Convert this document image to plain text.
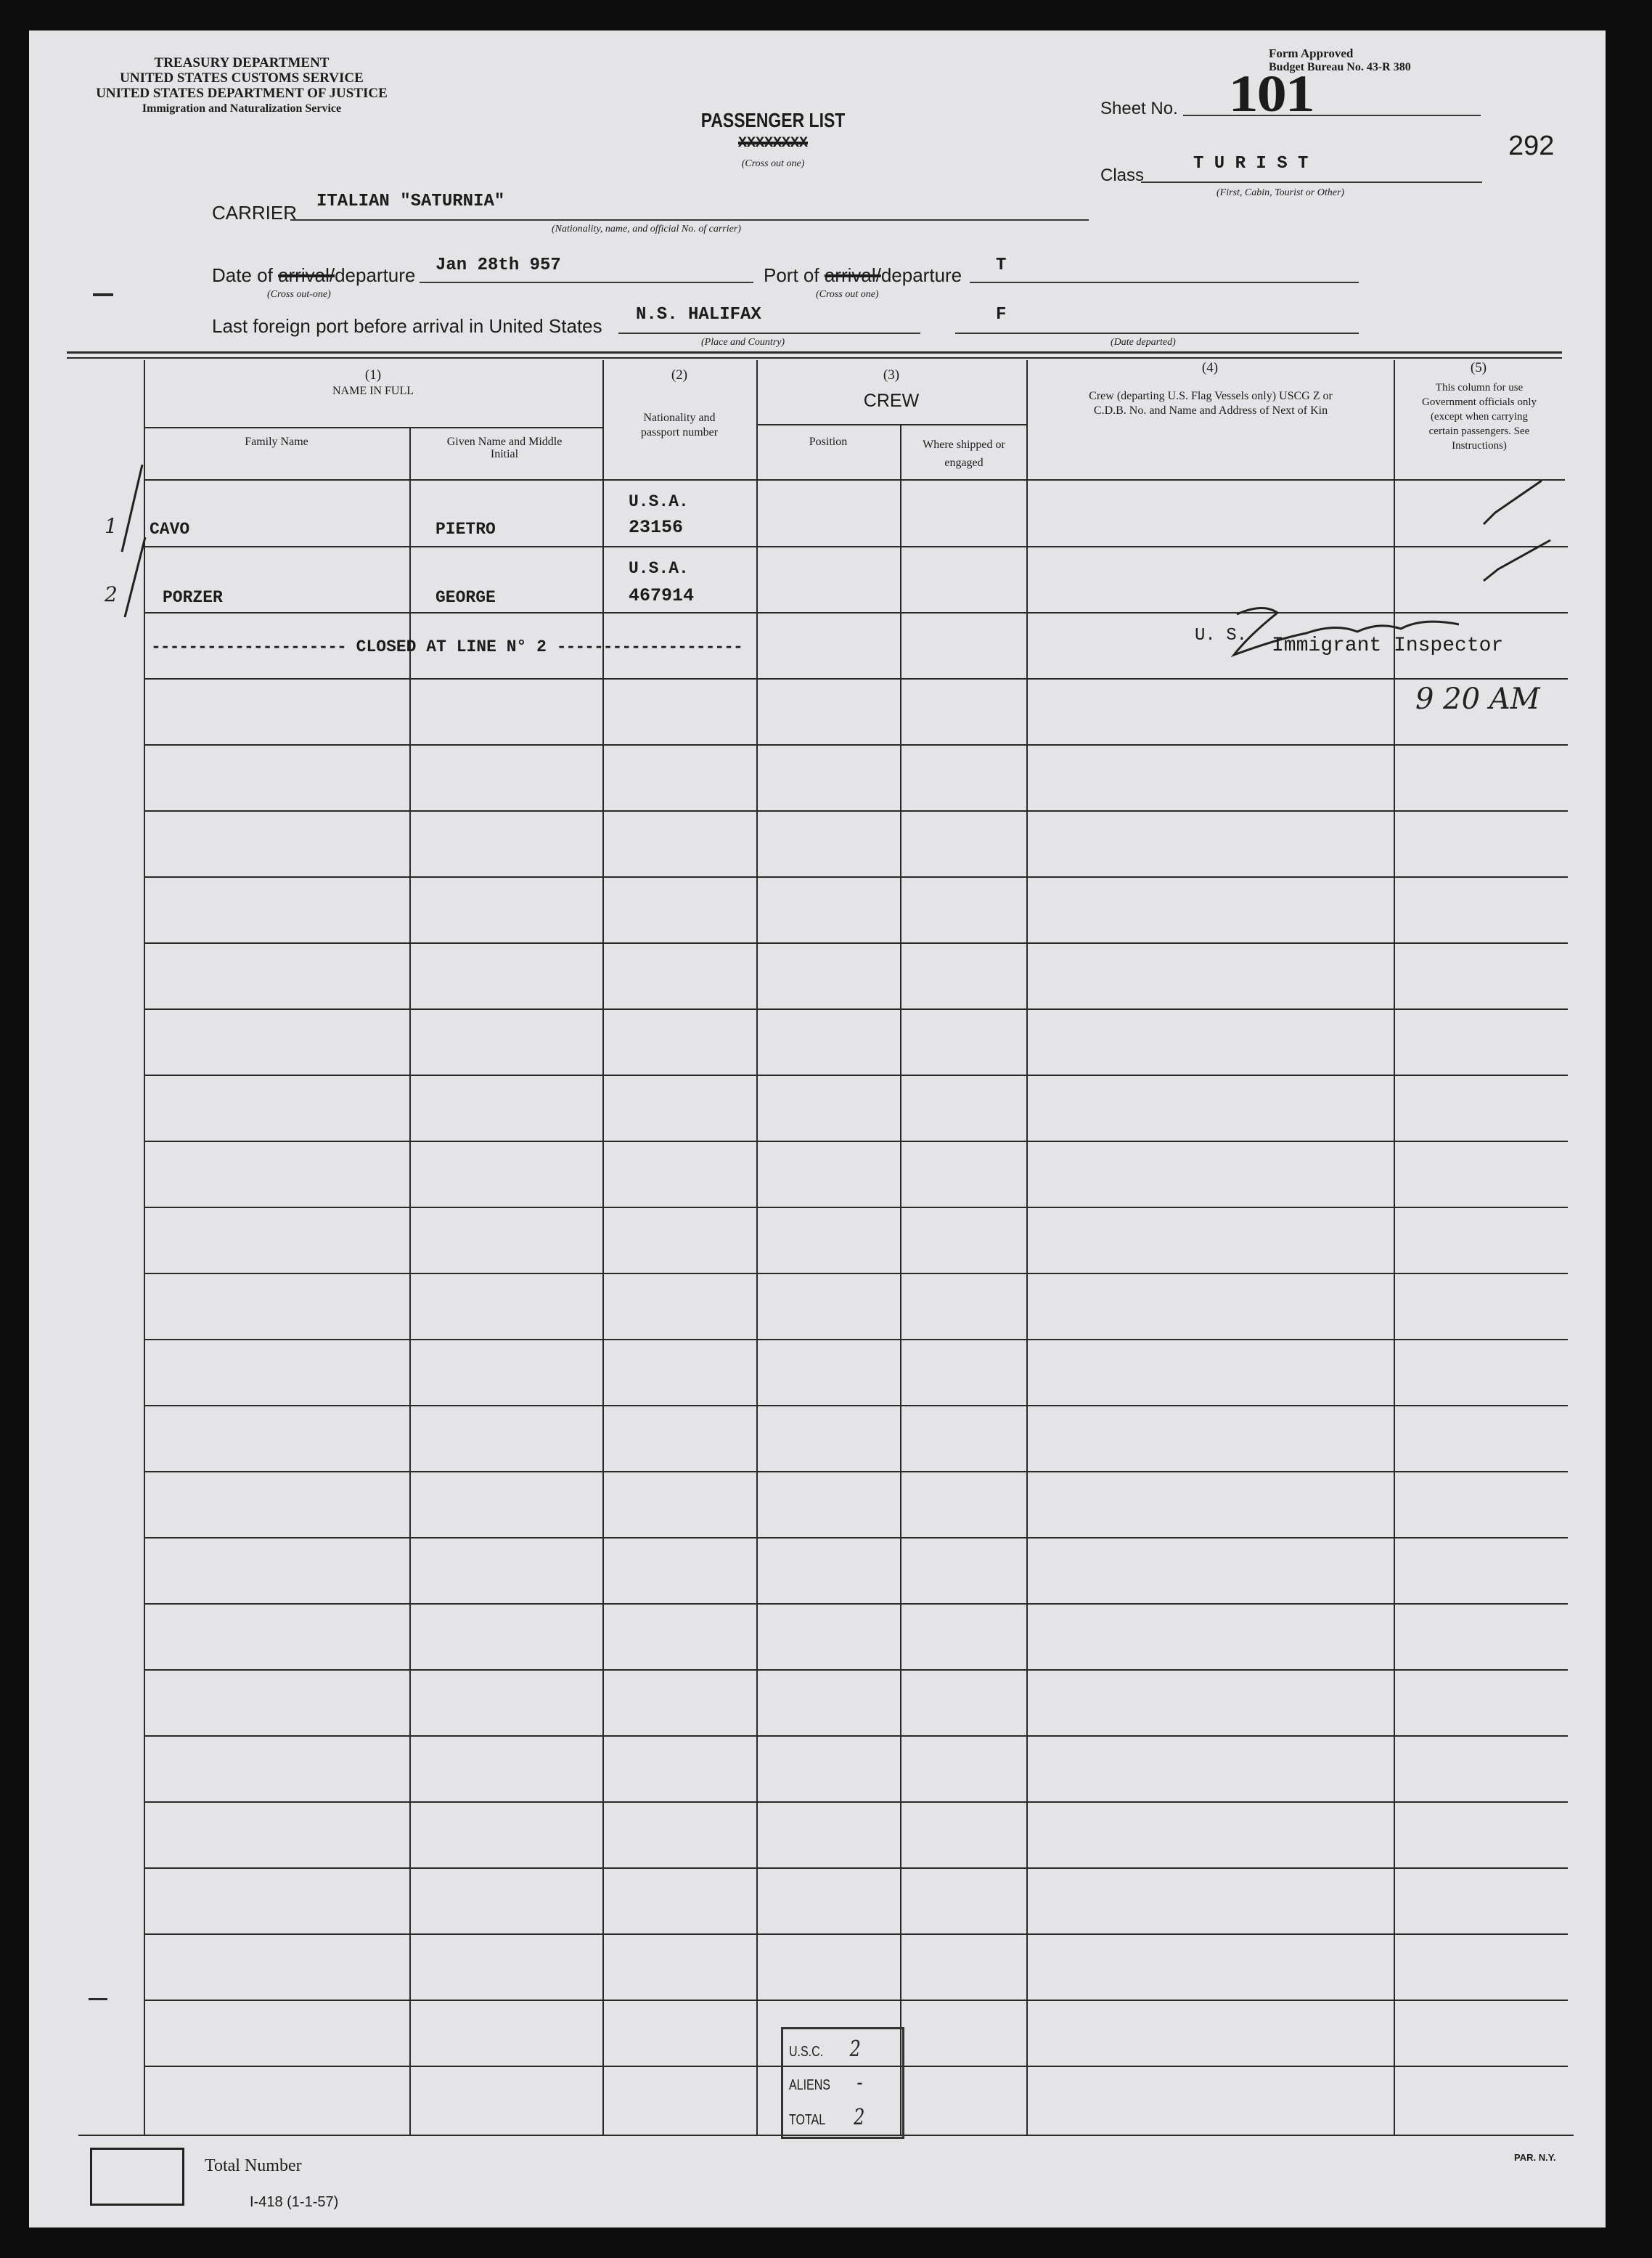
TREASURY DEPARTMENT
UNITED STATES CUSTOMS SERVICE
UNITED STATES DEPARTMENT OF JUSTICE
Immigration and Naturalization Service
PASSENGER LIST
XXXXXXXX
(Cross out one)
Form Approved
Budget Bureau No. 43-R 380
Sheet No. 101
292
Class
T U R I S T
(First, Cabin, Tourist or Other)
CARRIER
ITALIAN "SATURNIA"
(Nationality, name, and official No. of carrier)
Date of arrival/departure Jan 28th 957
(Cross out-one)
Port of arrival/departure T
(Cross out one)
Last foreign port before arrival in United States
N.S. HALIFAX
(Place and Country)
F
(Date departed)
(1)
NAME IN FULL
Family Name	Given Name and Middle Initial
(2)
Nationality and passport number
(3)
CREW
Position	Where shipped or engaged
(4)
Crew (departing U.S. Flag Vessels only) USCG Z or C.D.B. No. and Name and Address of Next of Kin
(5)
This column for use Government officials only (except when carrying certain passengers. See Instructions)
1 CAVO	PIETRO
U.S.A.
23156
2	PORZER	GEORGE
U.S.A.
467914
--------------------- CLOSED AT LINE N° 2 --------------------
U. S. Immigrant Inspector
9 20 AM
U.S.C. 2
ALIENS -
TOTAL 2
Total Number
I-418 (1-1-57)
PAR. N.Y.
